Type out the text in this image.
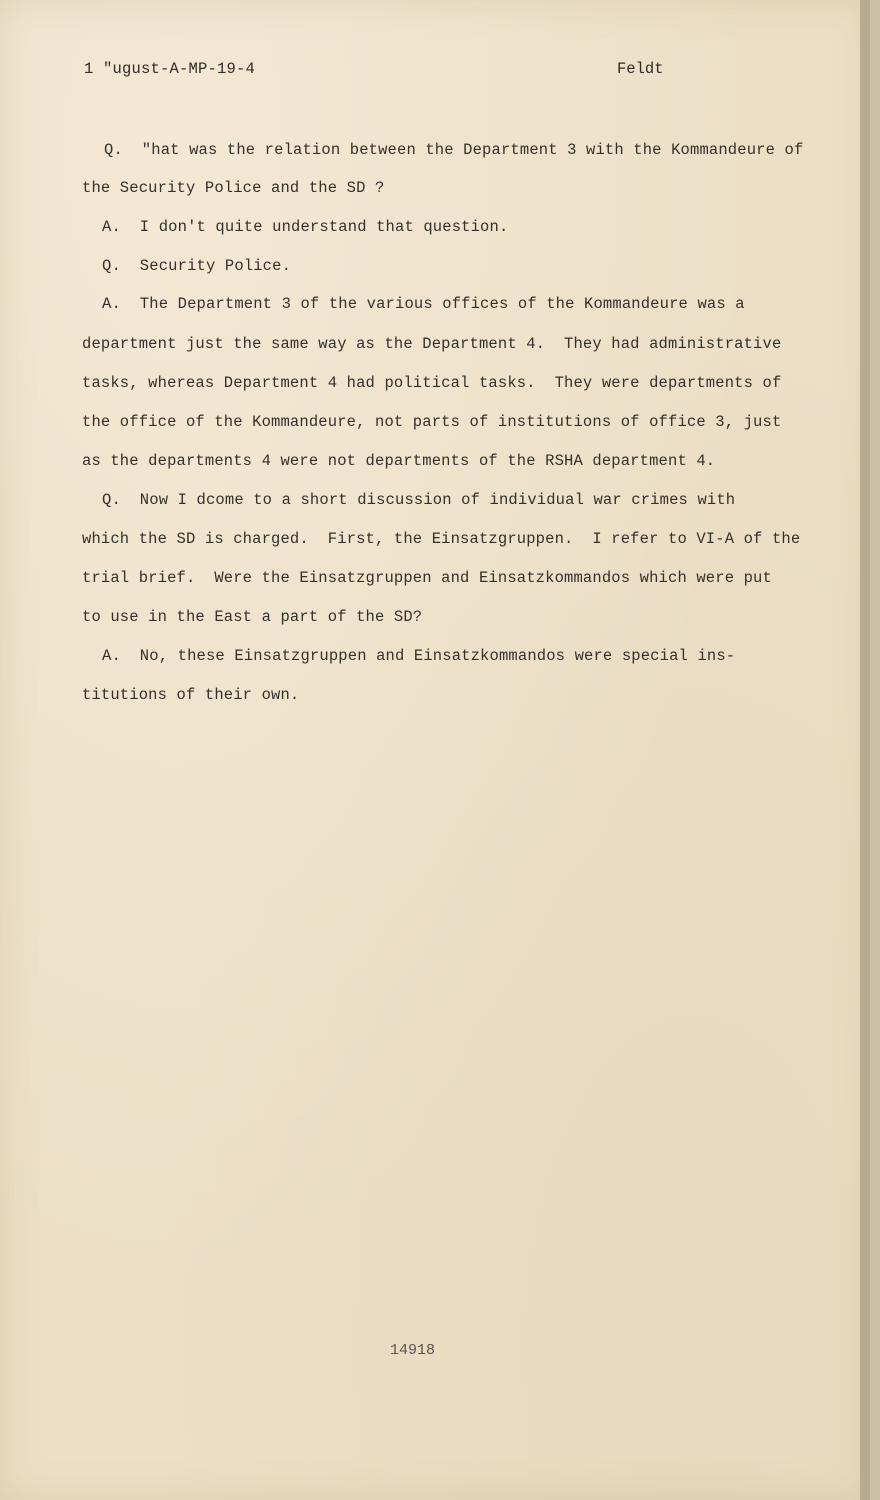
1 "ugust-A-MP-19-4	Feldt
Q.  "hat was the relation between the Department 3 with the Kommandeure of
the Security Police and the SD ?
A.  I don't quite understand that question.
Q.  Security Police.
A.  The Department 3 of the various offices of the Kommandeure was a
department just the same way as the Department 4.  They had administrative
tasks, whereas Department 4 had political tasks.  They were departments of
the office of the Kommandeure, not parts of institutions of office 3, just
as the departments 4 were not departments of the RSHA department 4.
Q.  Now I dcome to a short discussion of individual war crimes with
which the SD is charged.  First, the Einsatzgruppen.  I refer to VI-A of the
trial brief.  Were the Einsatzgruppen and Einsatzkommandos which were put
to use in the East a part of the SD?
A.  No, these Einsatzgruppen and Einsatzkommandos were special ins-
titutions of their own.
14918
